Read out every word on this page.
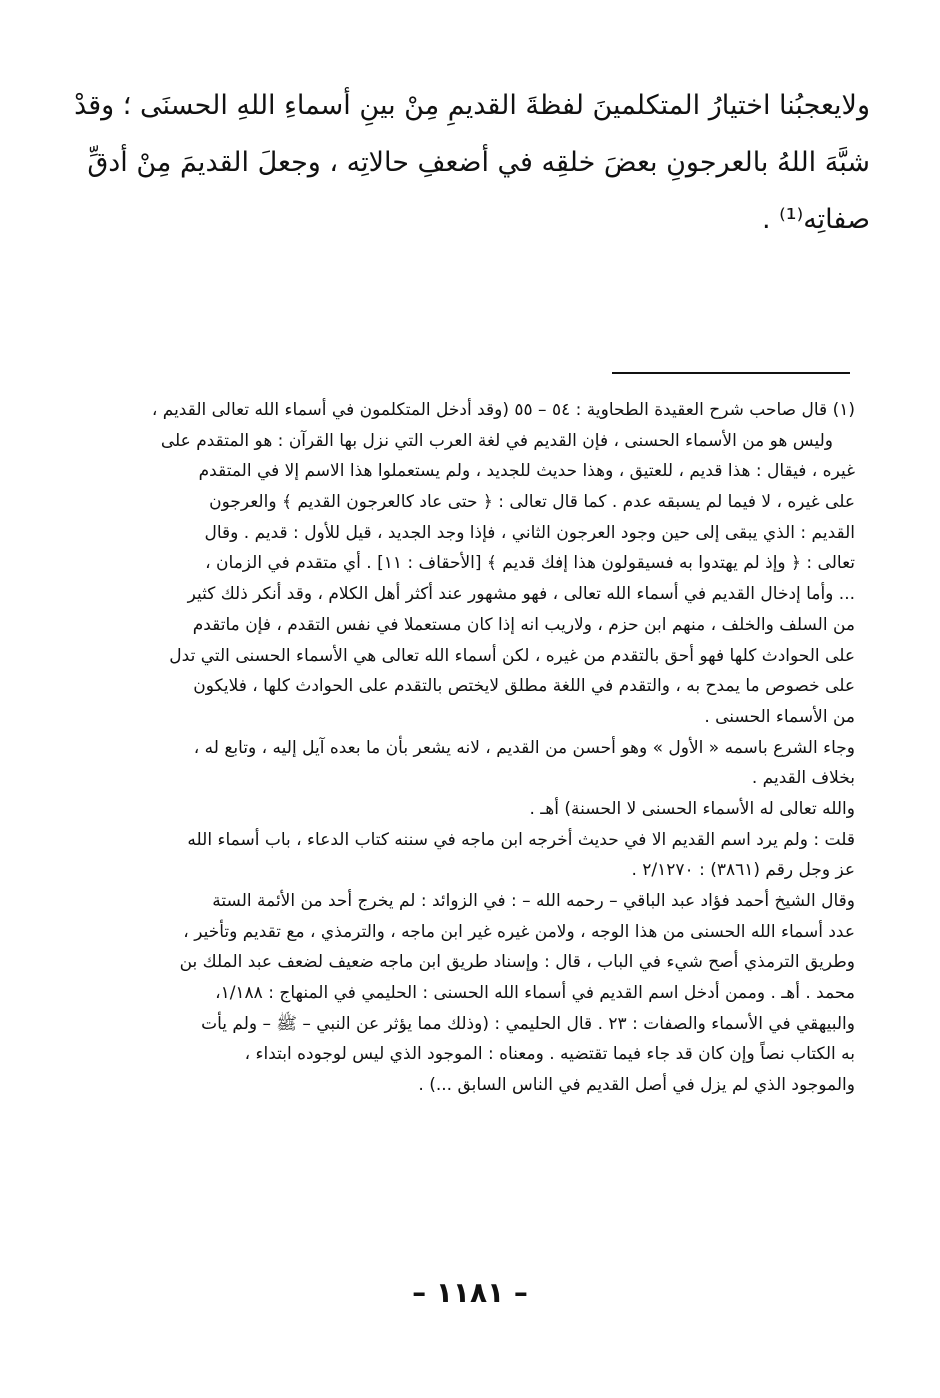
ولايعجبُنا اختيارُ المتكلمينَ لفظةَ القديمِ مِنْ بينِ أسماءِ اللهِ الحسنَى ؛ وقدْ
شبَّهَ اللهُ بالعرجونِ بعضَ خلقِه في أضعفِ حالاتِه ، وجعلَ القديمَ مِنْ أدقِّ
صفاتِه⁽¹⁾ .
(١) قال صاحب شرح العقيدة الطحاوية : ٥٤ – ٥٥ (وقد أدخل المتكلمون في أسماء الله تعالى القديم ،
وليس هو من الأسماء الحسنى ، فإن القديم في لغة العرب التي نزل بها القرآن : هو المتقدم على
غيره ، فيقال : هذا قديم ، للعتيق ، وهذا حديث للجديد ، ولم يستعملوا هذا الاسم إلا في المتقدم
على غيره ، لا فيما لم يسبقه عدم . كما قال تعالى : ﴿ حتى عاد كالعرجون القديم ﴾ والعرجون
القديم : الذي يبقى إلى حين وجود العرجون الثاني ، فإذا وجد الجديد ، قيل للأول : قديم . وقال
تعالى : ﴿ وإذ لم يهتدوا به فسيقولون هذا إفك قديم ﴾ [الأحقاف : ١١] . أي متقدم في الزمان ،
... وأما إدخال القديم في أسماء الله تعالى ، فهو مشهور عند أكثر أهل الكلام ، وقد أنكر ذلك كثير
من السلف والخلف ، منهم ابن حزم ، ولاريب انه إذا كان مستعملا في نفس التقدم ، فإن ماتقدم
على الحوادث كلها فهو أحق بالتقدم من غيره ، لكن أسماء الله تعالى هي الأسماء الحسنى التي تدل
على خصوص ما يمدح به ، والتقدم في اللغة مطلق لايختص بالتقدم على الحوادث كلها ، فلايكون
من الأسماء الحسنى .
وجاء الشرع باسمه « الأول » وهو أحسن من القديم ، لانه يشعر بأن ما بعده آيل إليه ، وتابع له ،
بخلاف القديم .
والله تعالى له الأسماء الحسنى لا الحسنة) أهـ .
قلت : ولم يرد اسم القديم الا في حديث أخرجه ابن ماجه في سننه كتاب الدعاء ، باب أسماء الله
عز وجل رقم (٣٨٦١) : ٢/١٢٧٠ .
وقال الشيخ أحمد فؤاد عبد الباقي – رحمه الله – : في الزوائد : لم يخرج أحد من الأئمة الستة
عدد أسماء الله الحسنى من هذا الوجه ، ولامن غيره غير ابن ماجه ، والترمذي ، مع تقديم وتأخير ،
وطريق الترمذي أصح شيء في الباب ، قال : وإسناد طريق ابن ماجه ضعيف لضعف عبد الملك بن
محمد . أهـ . وممن أدخل اسم القديم في أسماء الله الحسنى : الحليمي في المنهاج : ١/١٨٨،
والبيهقي في الأسماء والصفات : ٢٣ . قال الحليمي : (وذلك مما يؤثر عن النبي – ﷺ – ولم يأت
به الكتاب نصاً وإن كان قد جاء فيما تقتضيه . ومعناه : الموجود الذي ليس لوجوده ابتداء ،
والموجود الذي لم يزل في أصل القديم في الناس السابق ...) .
– ١١٨١ –
